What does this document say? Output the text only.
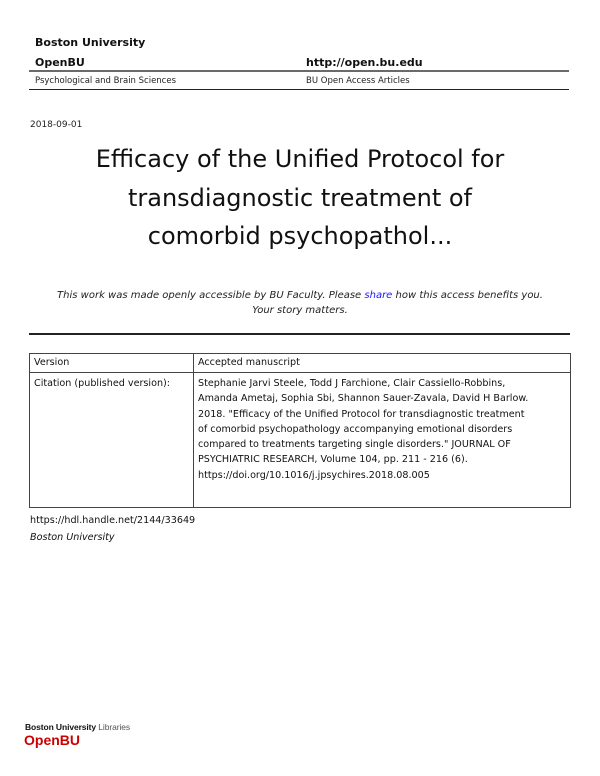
Boston University
OpenBU	http://open.bu.edu
Psychological and Brain Sciences	BU Open Access Articles
2018-09-01
Efficacy of the Unified Protocol for
transdiagnostic treatment of
comorbid psychopathol...
This work was made openly accessible by BU Faculty. Please share how this access benefits you.
Your story matters.
Version	Accepted manuscript

Citation (published version):	Stephanie Jarvi Steele, Todd J Farchione, Clair Cassiello-Robbins,
Amanda Ametaj, Sophia Sbi, Shannon Sauer-Zavala, David H Barlow.
2018. "Efficacy of the Unified Protocol for transdiagnostic treatment
of comorbid psychopathology accompanying emotional disorders
compared to treatments targeting single disorders." JOURNAL OF
PSYCHIATRIC RESEARCH, Volume 104, pp. 211 - 216 (6).
https://doi.org/10.1016/j.jpsychires.2018.08.005
https://hdl.handle.net/2144/33649
Boston University
Boston University Libraries
OpenBU
